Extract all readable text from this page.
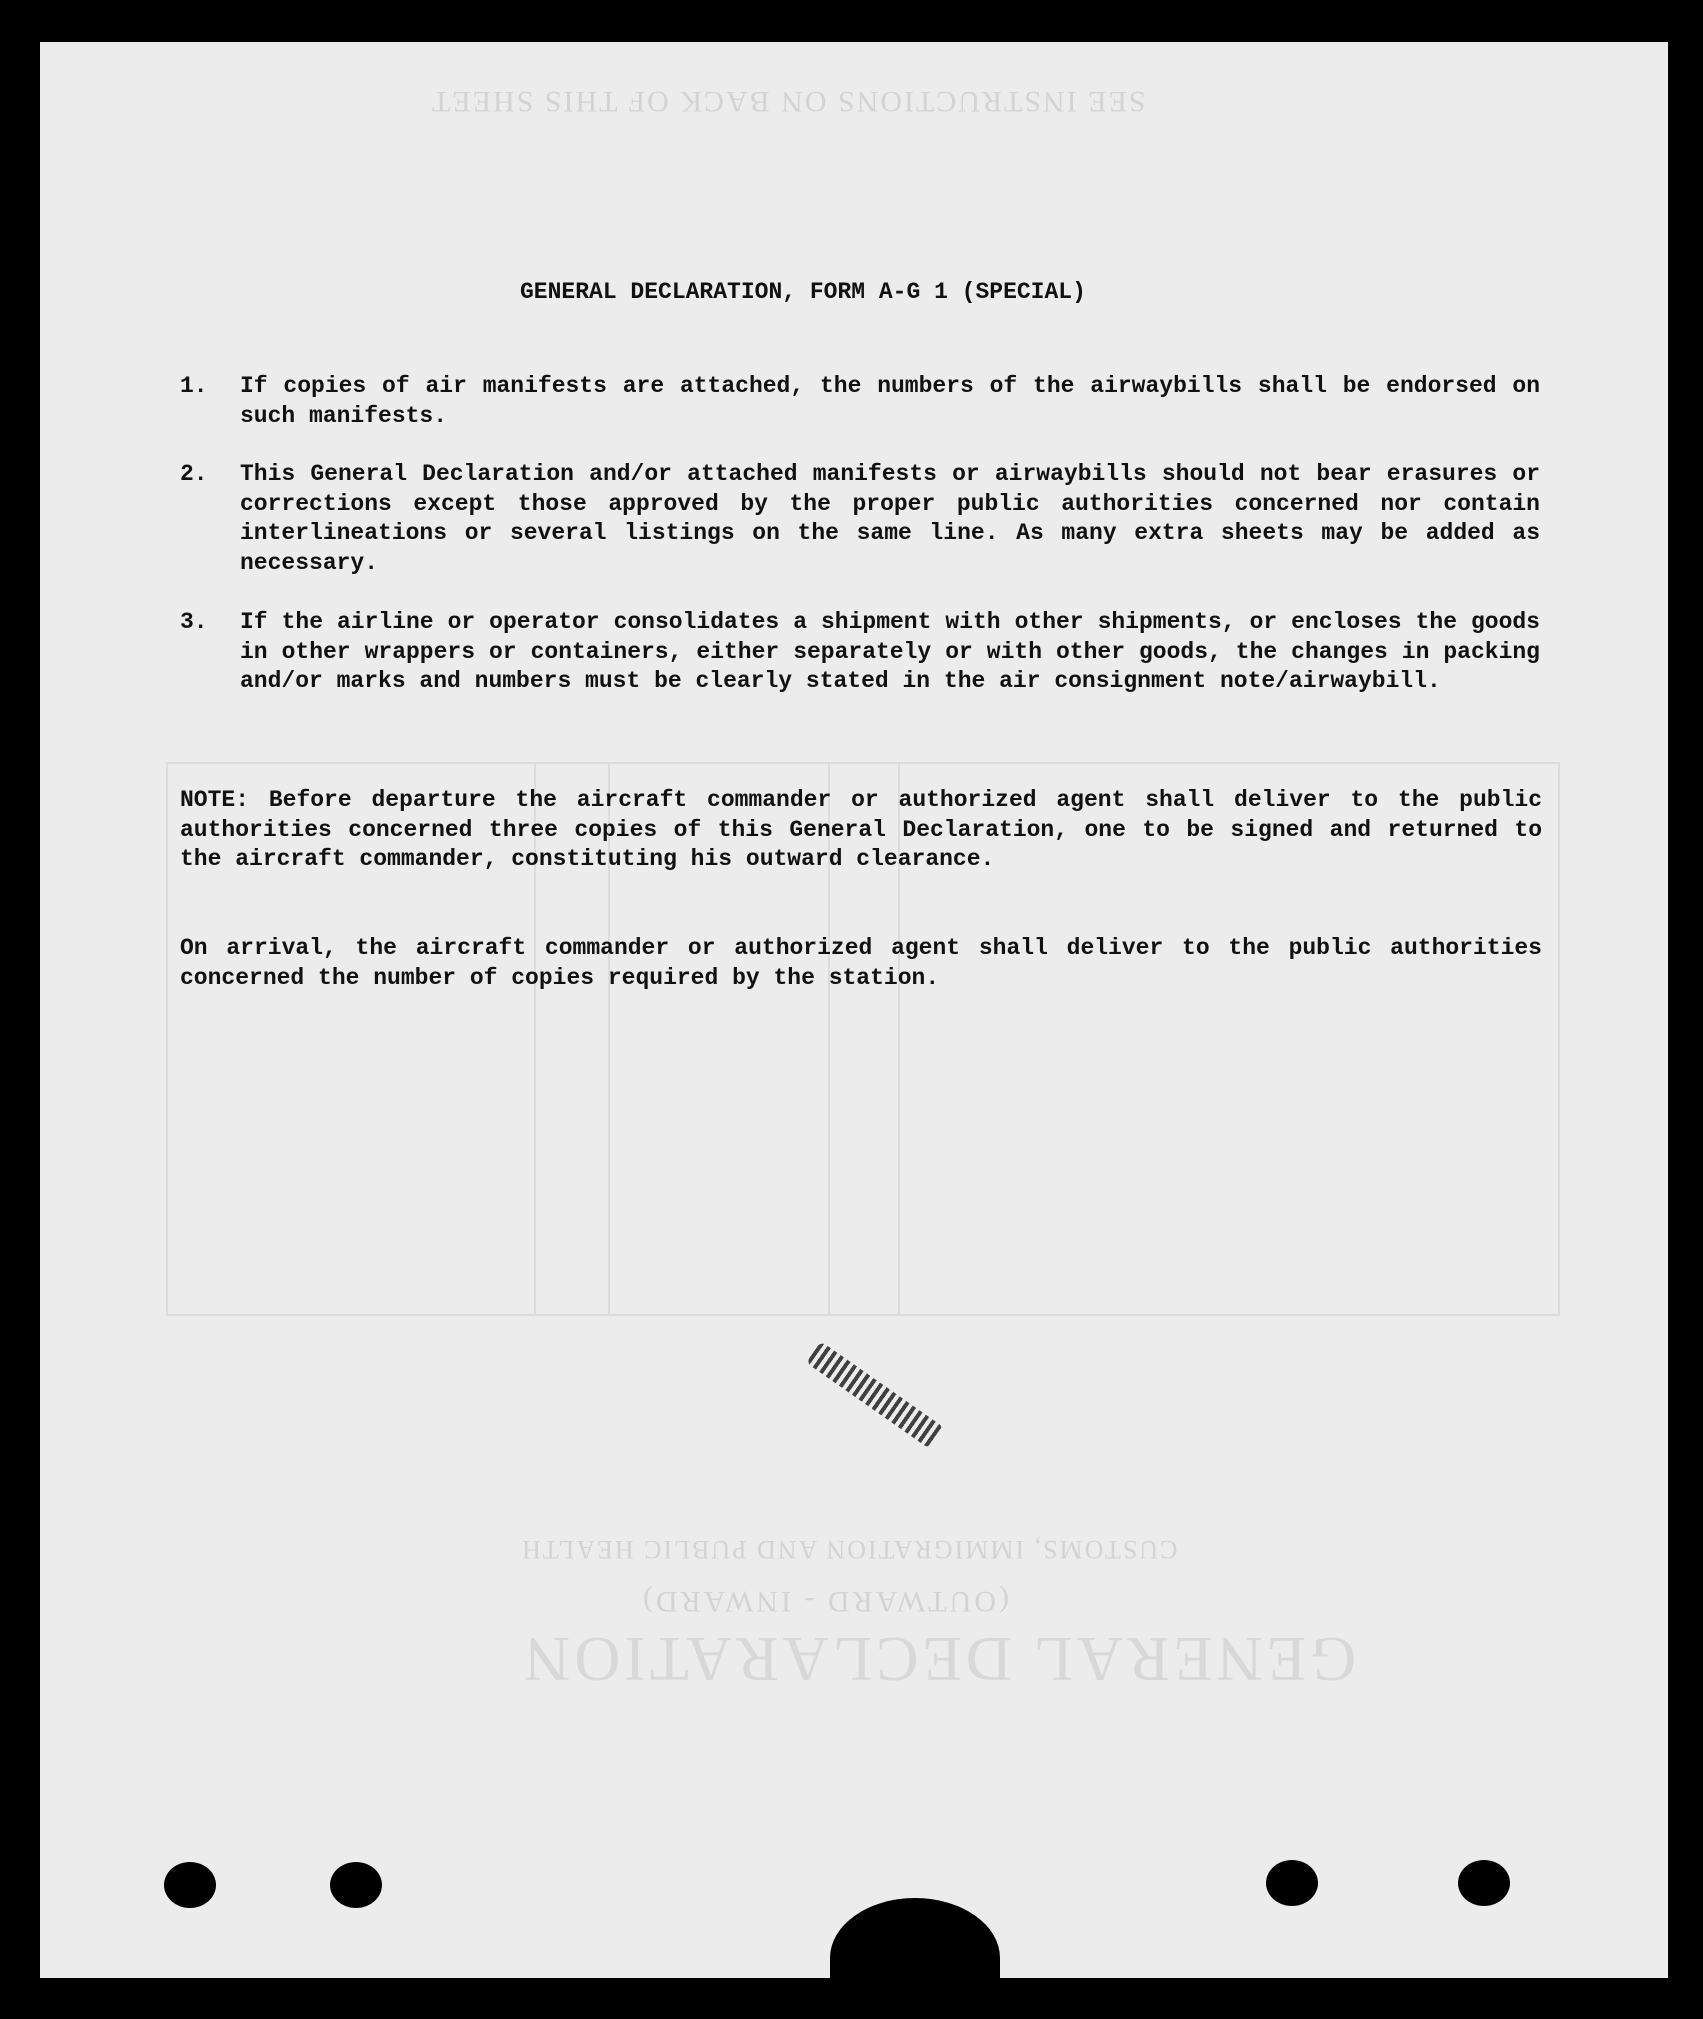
SEE INSTRUCTIONS ON BACK OF THIS SHEET
CUSTOMS, IMMIGRATION AND PUBLIC HEALTH
(OUTWARD - INWARD)
GENERAL DECLARATION
GENERAL DECLARATION, FORM A-G 1 (SPECIAL)
1.	If copies of air manifests are attached, the numbers of the airwaybills shall be endorsed on such manifests.
2.	This General Declaration and/or attached manifests or airwaybills should not bear erasures or corrections except those approved by the proper public authorities concerned nor contain interlineations or several listings on the same line. As many extra sheets may be added as necessary.
3.	If the airline or operator consolidates a shipment with other shipments, or encloses the goods in other wrappers or containers, either separately or with other goods, the changes in packing and/or marks and numbers must be clearly stated in the air consignment note/airwaybill.
NOTE: Before departure the aircraft commander or authorized agent shall deliver to the public authorities concerned three copies of this General Declaration, one to be signed and returned to the aircraft commander, constituting his outward clearance.
On arrival, the aircraft commander or authorized agent shall deliver to the public authorities concerned the number of copies required by the station.
